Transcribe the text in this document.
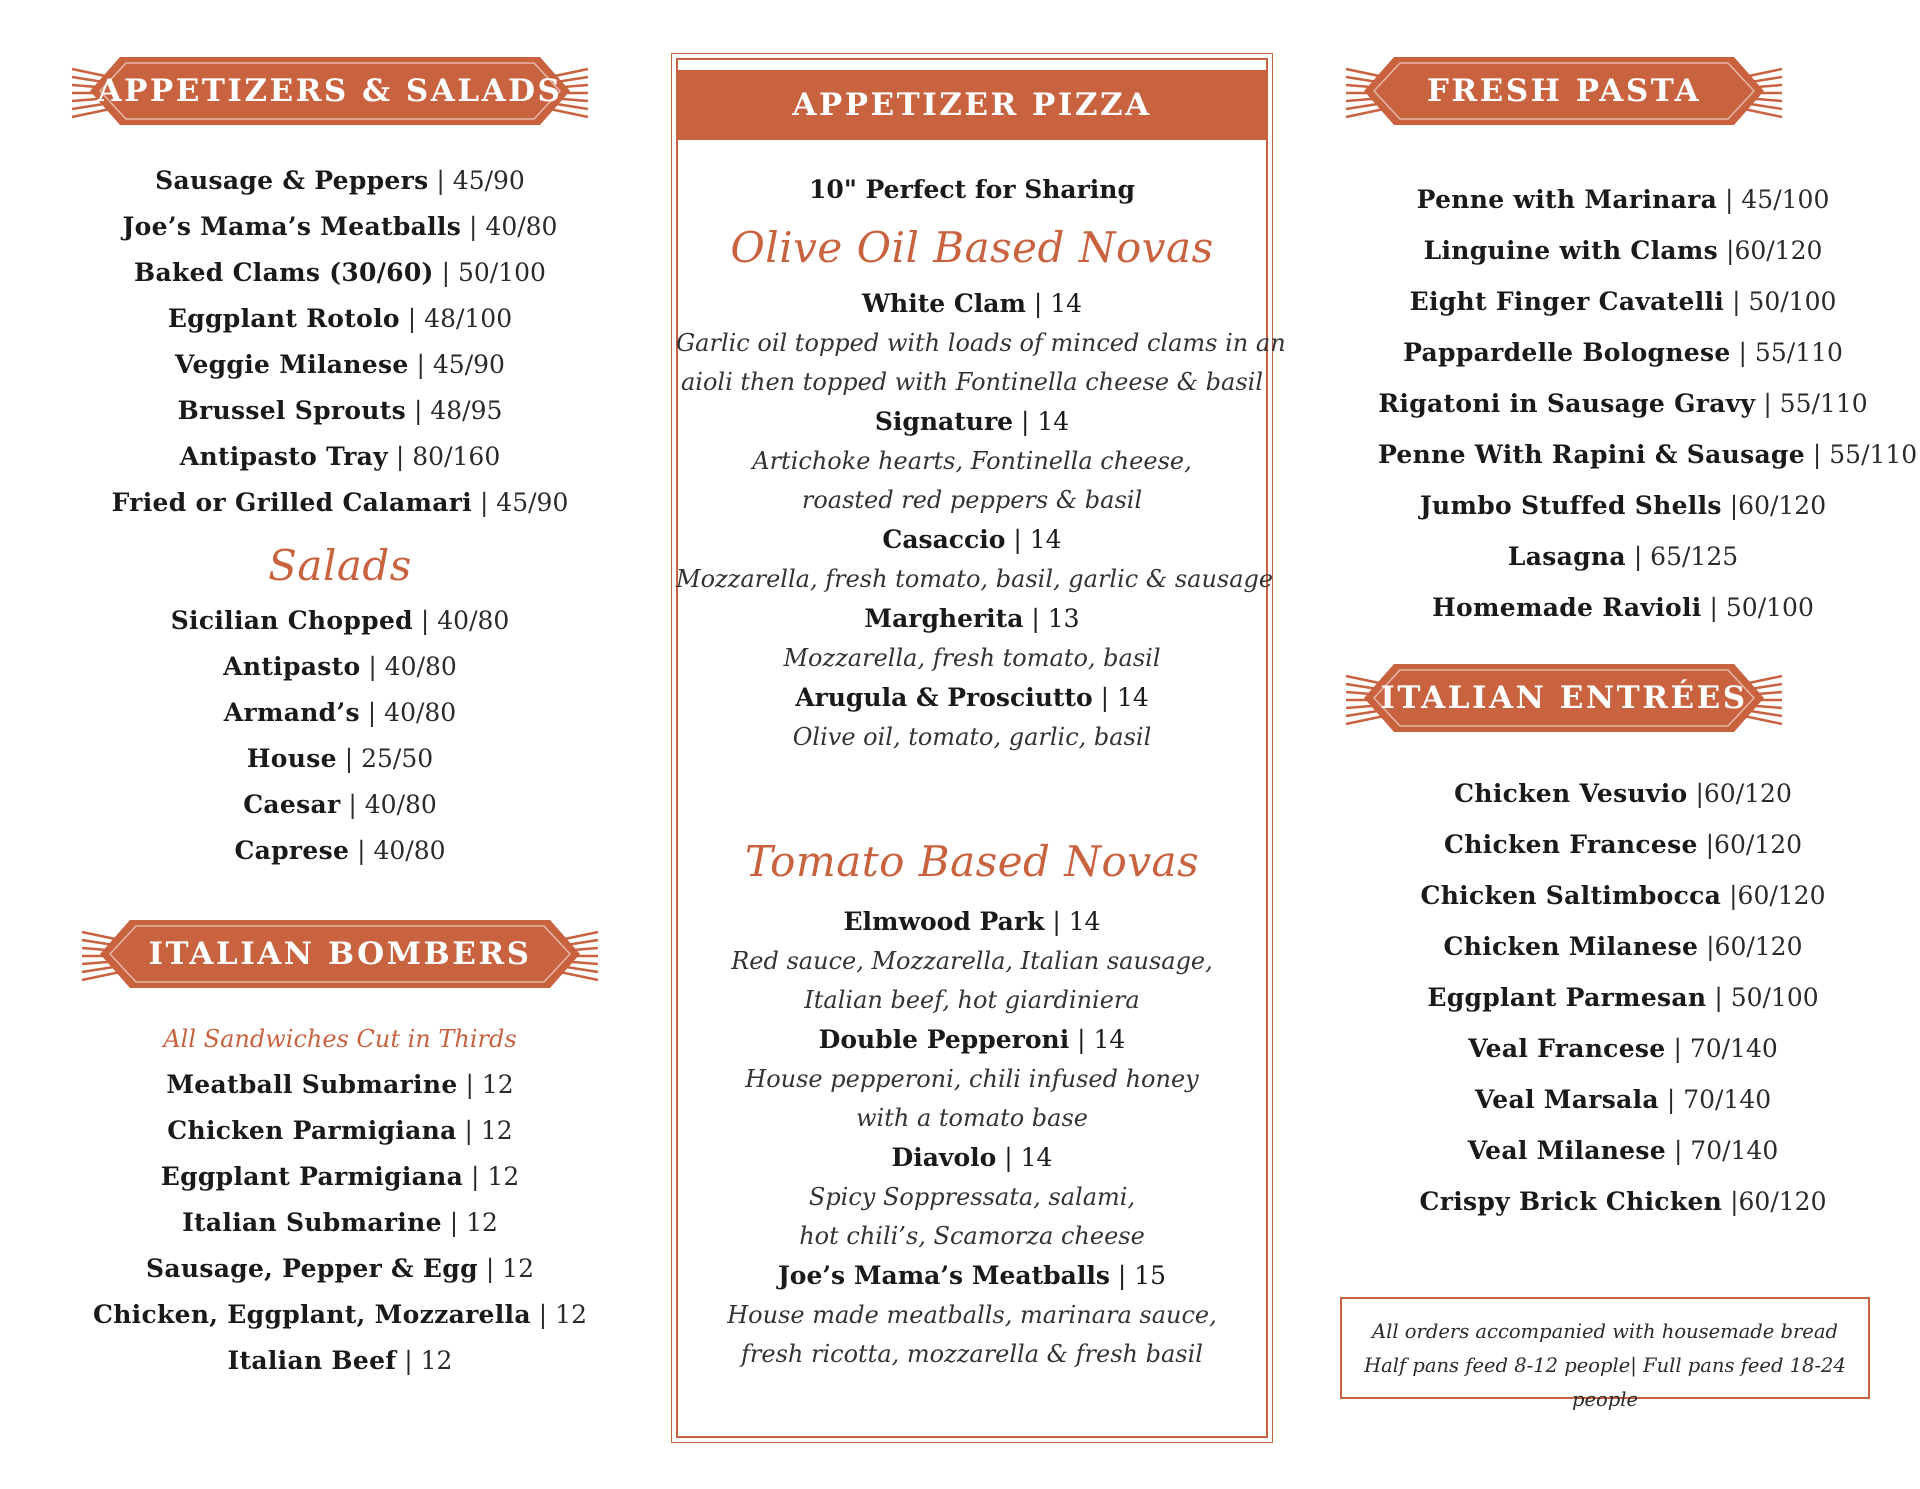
APPETIZERS & SALADS
Sausage & Peppers | 45/90
Joe’s Mama’s Meatballs | 40/80
Baked Clams (30/60) | 50/100
Eggplant Rotolo | 48/100
Veggie Milanese | 45/90
Brussel Sprouts | 48/95
Antipasto Tray | 80/160
Fried or Grilled Calamari | 45/90
Salads
Sicilian Chopped | 40/80
Antipasto | 40/80
Armand’s | 40/80
House | 25/50
Caesar | 40/80
Caprese | 40/80
ITALIAN BOMBERS
All Sandwiches Cut in Thirds
Meatball Submarine | 12
Chicken Parmigiana | 12
Eggplant Parmigiana | 12
Italian Submarine | 12
Sausage, Pepper & Egg | 12
Chicken, Eggplant, Mozzarella | 12
Italian Beef | 12
APPETIZER PIZZA
10" Perfect for Sharing
Olive Oil Based Novas
White Clam | 14
Garlic oil topped with loads of minced clams in an
aioli then topped with Fontinella cheese & basil
Signature | 14
Artichoke hearts, Fontinella cheese,
roasted red peppers & basil
Casaccio | 14
Mozzarella, fresh tomato, basil, garlic & sausage
Margherita | 13
Mozzarella, fresh tomato, basil
Arugula & Prosciutto | 14
Olive oil, tomato, garlic, basil
Tomato Based Novas
Elmwood Park | 14
Red sauce, Mozzarella, Italian sausage,
Italian beef, hot giardiniera
Double Pepperoni | 14
House pepperoni, chili infused honey
with a tomato base
Diavolo | 14
Spicy Soppressata, salami,
hot chili’s, Scamorza cheese
Joe’s Mama’s Meatballs | 15
House made meatballs, marinara sauce,
fresh ricotta, mozzarella & fresh basil
FRESH PASTA
Penne with Marinara | 45/100
Linguine with Clams |60/120
Eight Finger Cavatelli | 50/100
Pappardelle Bolognese | 55/110
Rigatoni in Sausage Gravy | 55/110
Penne With Rapini & Sausage | 55/110
Jumbo Stuffed Shells |60/120
Lasagna | 65/125
Homemade Ravioli | 50/100
ITALIAN ENTRÉES
Chicken Vesuvio |60/120
Chicken Francese |60/120
Chicken Saltimbocca |60/120
Chicken Milanese |60/120
Eggplant Parmesan | 50/100
Veal Francese | 70/140
Veal Marsala | 70/140
Veal Milanese | 70/140
Crispy Brick Chicken |60/120
All orders accompanied with housemade bread
Half pans feed 8-12 people| Full pans feed 18-24 people
